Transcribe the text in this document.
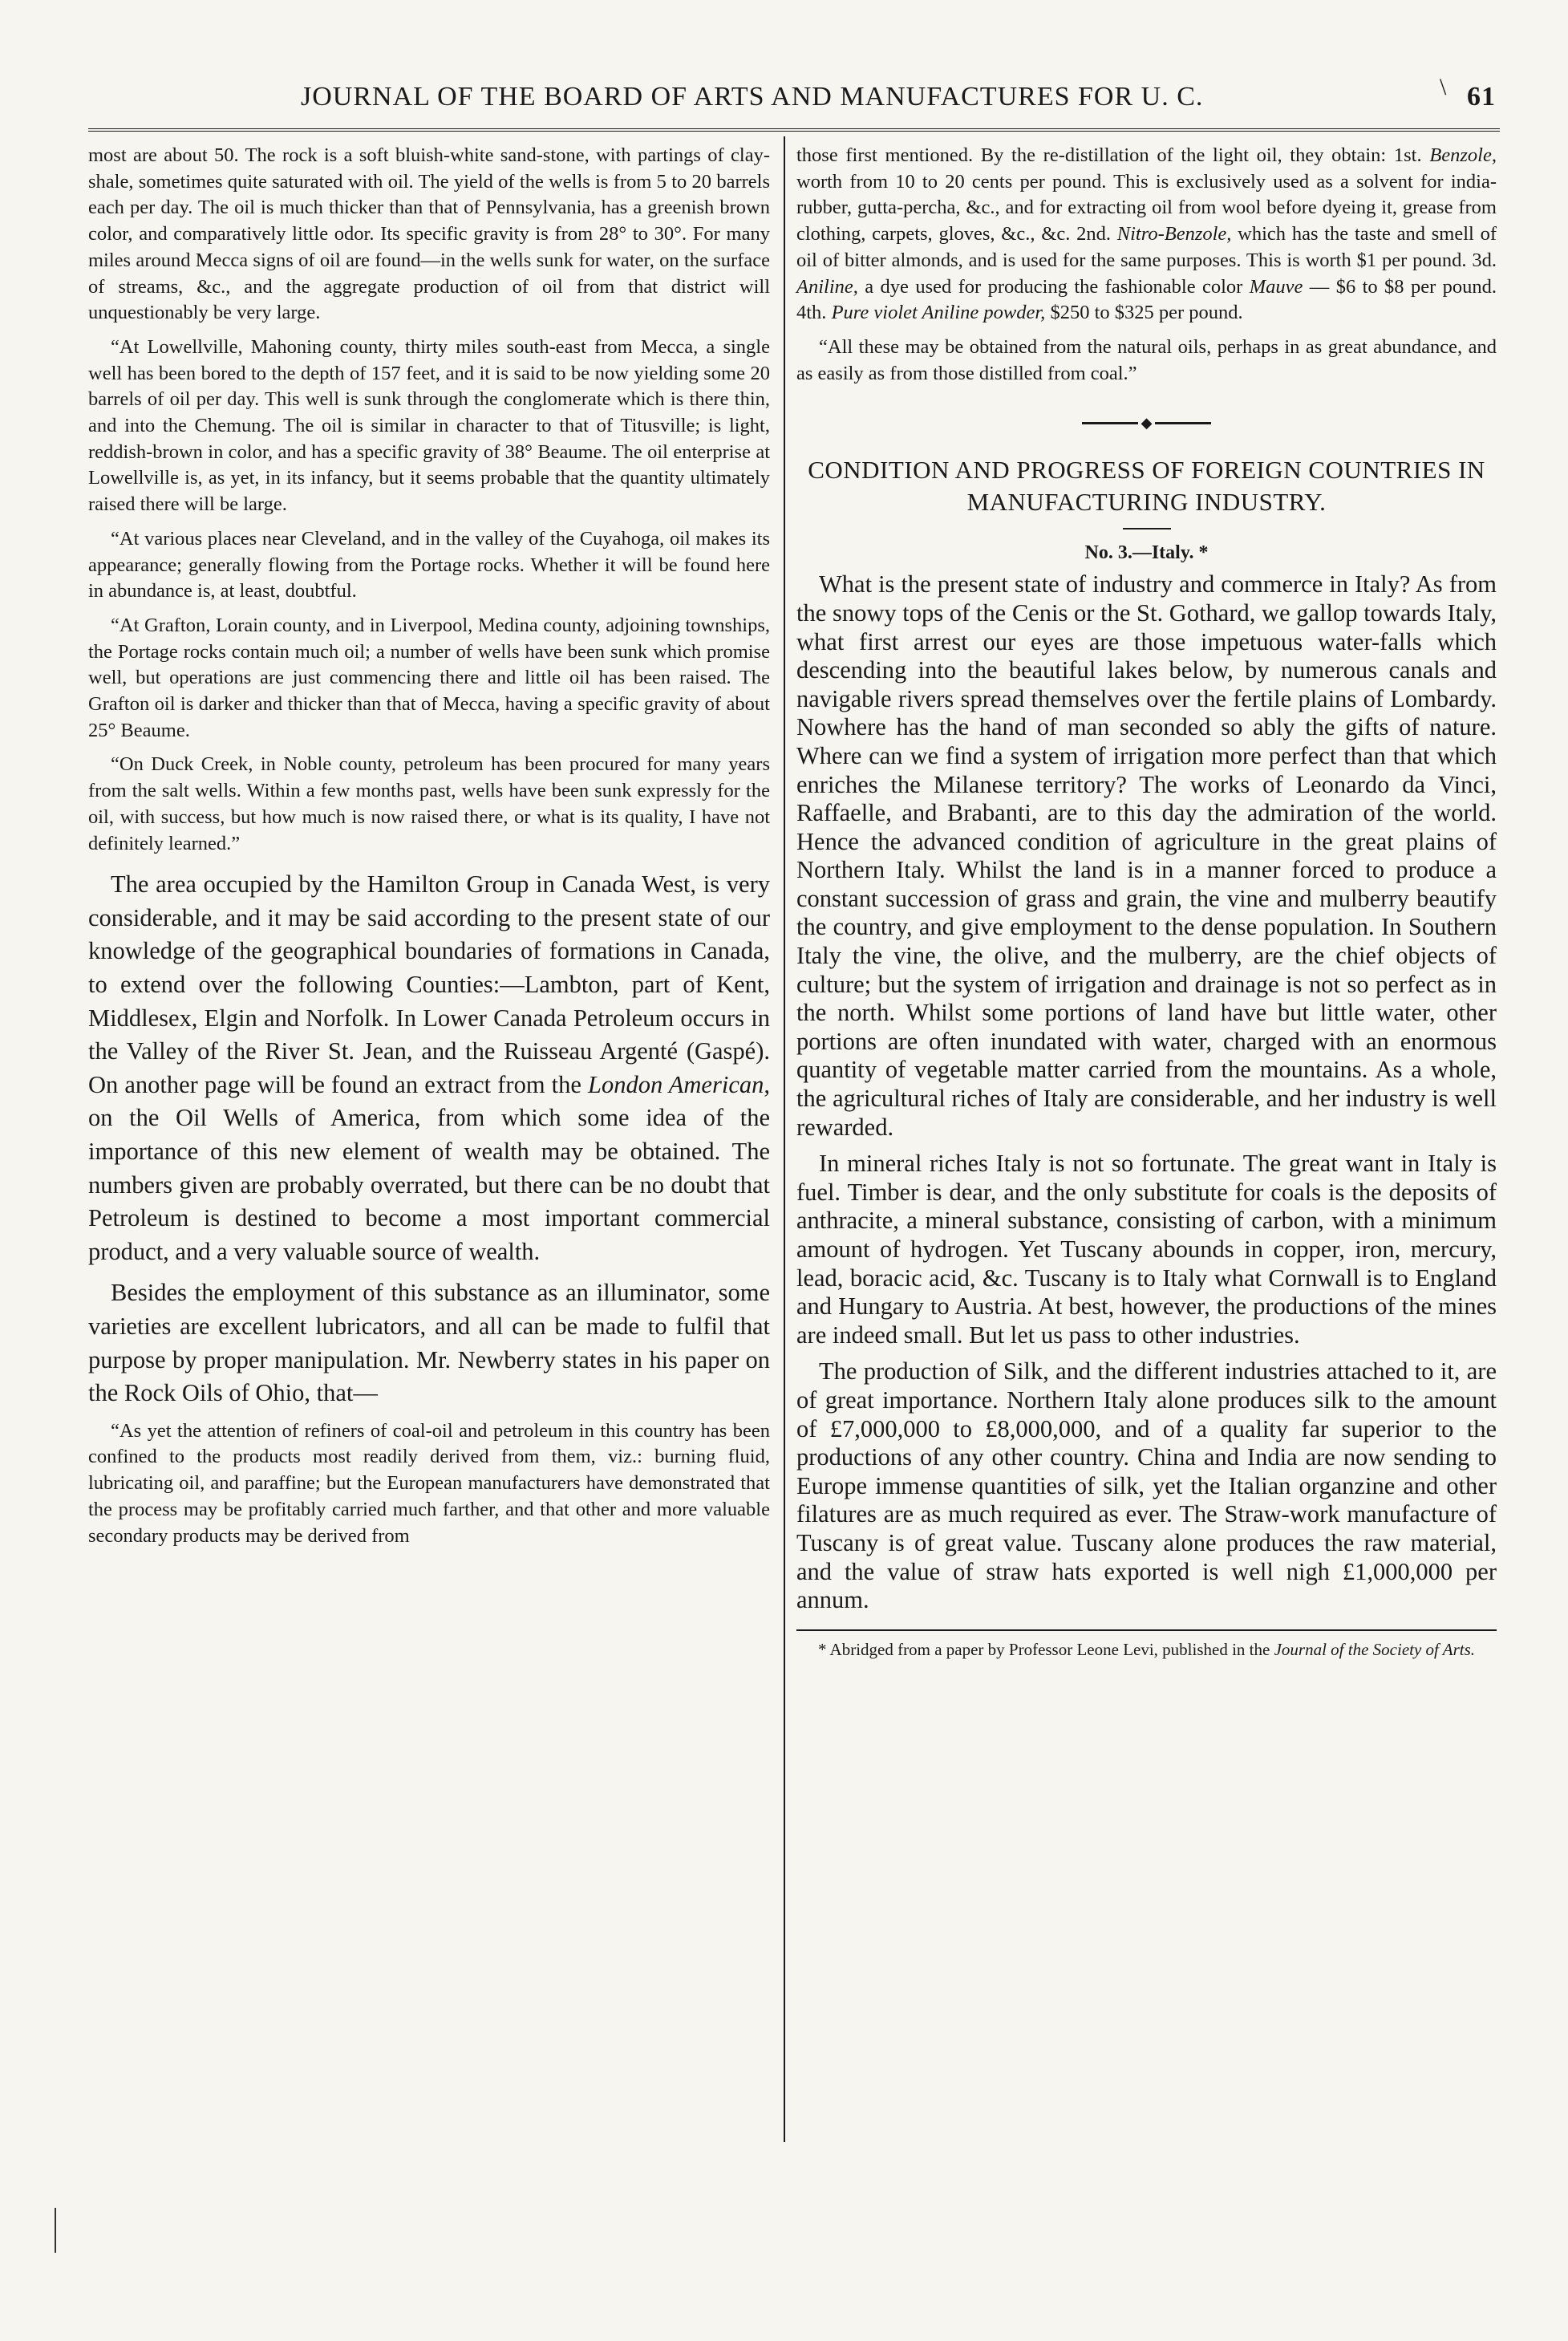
JOURNAL OF THE BOARD OF ARTS AND MANUFACTURES FOR U. C.	\ 61

most are about 50. The rock is a soft bluish-white sand-stone, with partings of clay-shale, sometimes quite saturated with oil. The yield of the wells is from 5 to 20 barrels each per day. The oil is much thicker than that of Pennsylvania, has a greenish brown color, and comparatively little odor. Its specific gravity is from 28° to 30°. For many miles around Mecca signs of oil are found—in the wells sunk for water, on the surface of streams, &c., and the aggregate production of oil from that district will unquestionably be very large.

“At Lowellville, Mahoning county, thirty miles south-east from Mecca, a single well has been bored to the depth of 157 feet, and it is said to be now yielding some 20 barrels of oil per day. This well is sunk through the conglomerate which is there thin, and into the Chemung. The oil is similar in character to that of Titusville; is light, reddish-brown in color, and has a specific gravity of 38° Beaume. The oil enterprise at Lowellville is, as yet, in its infancy, but it seems probable that the quantity ultimately raised there will be large.

“At various places near Cleveland, and in the valley of the Cuyahoga, oil makes its appearance; generally flowing from the Portage rocks. Whether it will be found here in abundance is, at least, doubtful.

“At Grafton, Lorain county, and in Liverpool, Medina county, adjoining townships, the Portage rocks contain much oil; a number of wells have been sunk which promise well, but operations are just commencing there and little oil has been raised. The Grafton oil is darker and thicker than that of Mecca, having a specific gravity of about 25° Beaume.

“On Duck Creek, in Noble county, petroleum has been procured for many years from the salt wells. Within a few months past, wells have been sunk expressly for the oil, with success, but how much is now raised there, or what is its quality, I have not definitely learned.”

The area occupied by the Hamilton Group in Canada West, is very considerable, and it may be said according to the present state of our knowledge of the geographical boundaries of formations in Canada, to extend over the following Counties:—Lambton, part of Kent, Middlesex, Elgin and Norfolk. In Lower Canada Petroleum occurs in the Valley of the River St. Jean, and the Ruisseau Argenté (Gaspé). On another page will be found an extract from the London American, on the Oil Wells of America, from which some idea of the importance of this new element of wealth may be obtained. The numbers given are probably overrated, but there can be no doubt that Petroleum is destined to become a most important commercial product, and a very valuable source of wealth.

Besides the employment of this substance as an illuminator, some varieties are excellent lubricators, and all can be made to fulfil that purpose by proper manipulation. Mr. Newberry states in his paper on the Rock Oils of Ohio, that—

“As yet the attention of refiners of coal-oil and petroleum in this country has been confined to the products most readily derived from them, viz.: burning fluid, lubricating oil, and paraffine; but the European manufacturers have demonstrated that the process may be profitably carried much farther, and that other and more valuable secondary products may be derived from

those first mentioned. By the re-distillation of the light oil, they obtain: 1st. Benzole, worth from 10 to 20 cents per pound. This is exclusively used as a solvent for india-rubber, gutta-percha, &c., and for extracting oil from wool before dyeing it, grease from clothing, carpets, gloves, &c., &c. 2nd. Nitro-Benzole, which has the taste and smell of oil of bitter almonds, and is used for the same purposes. This is worth $1 per pound. 3d. Aniline, a dye used for producing the fashionable color Mauve — $6 to $8 per pound. 4th. Pure violet Aniline powder, $250 to $325 per pound.

“All these may be obtained from the natural oils, perhaps in as great abundance, and as easily as from those distilled from coal.”

◆
CONDITION AND PROGRESS OF FOREIGN COUNTRIES IN MANUFACTURING INDUSTRY.
No. 3.—Italy. *

What is the present state of industry and commerce in Italy? As from the snowy tops of the Cenis or the St. Gothard, we gallop towards Italy, what first arrest our eyes are those impetuous water-falls which descending into the beautiful lakes below, by numerous canals and navigable rivers spread themselves over the fertile plains of Lombardy. Nowhere has the hand of man seconded so ably the gifts of nature. Where can we find a system of irrigation more perfect than that which enriches the Milanese territory? The works of Leonardo da Vinci, Raffaelle, and Brabanti, are to this day the admiration of the world. Hence the advanced condition of agriculture in the great plains of Northern Italy. Whilst the land is in a manner forced to produce a constant succession of grass and grain, the vine and mulberry beautify the country, and give employment to the dense population. In Southern Italy the vine, the olive, and the mulberry, are the chief objects of culture; but the system of irrigation and drainage is not so perfect as in the north. Whilst some portions of land have but little water, other portions are often inundated with water, charged with an enormous quantity of vegetable matter carried from the mountains. As a whole, the agricultural riches of Italy are considerable, and her industry is well rewarded.

In mineral riches Italy is not so fortunate. The great want in Italy is fuel. Timber is dear, and the only substitute for coals is the deposits of anthracite, a mineral substance, consisting of carbon, with a minimum amount of hydrogen. Yet Tuscany abounds in copper, iron, mercury, lead, boracic acid, &c. Tuscany is to Italy what Cornwall is to England and Hungary to Austria. At best, however, the productions of the mines are indeed small. But let us pass to other industries.

The production of Silk, and the different industries attached to it, are of great importance. Northern Italy alone produces silk to the amount of £7,000,000 to £8,000,000, and of a quality far superior to the productions of any other country. China and India are now sending to Europe immense quantities of silk, yet the Italian organzine and other filatures are as much required as ever. The Straw-work manufacture of Tuscany is of great value. Tuscany alone produces the raw material, and the value of straw hats exported is well nigh £1,000,000 per annum.

* Abridged from a paper by Professor Leone Levi, published in the Journal of the Society of Arts.
